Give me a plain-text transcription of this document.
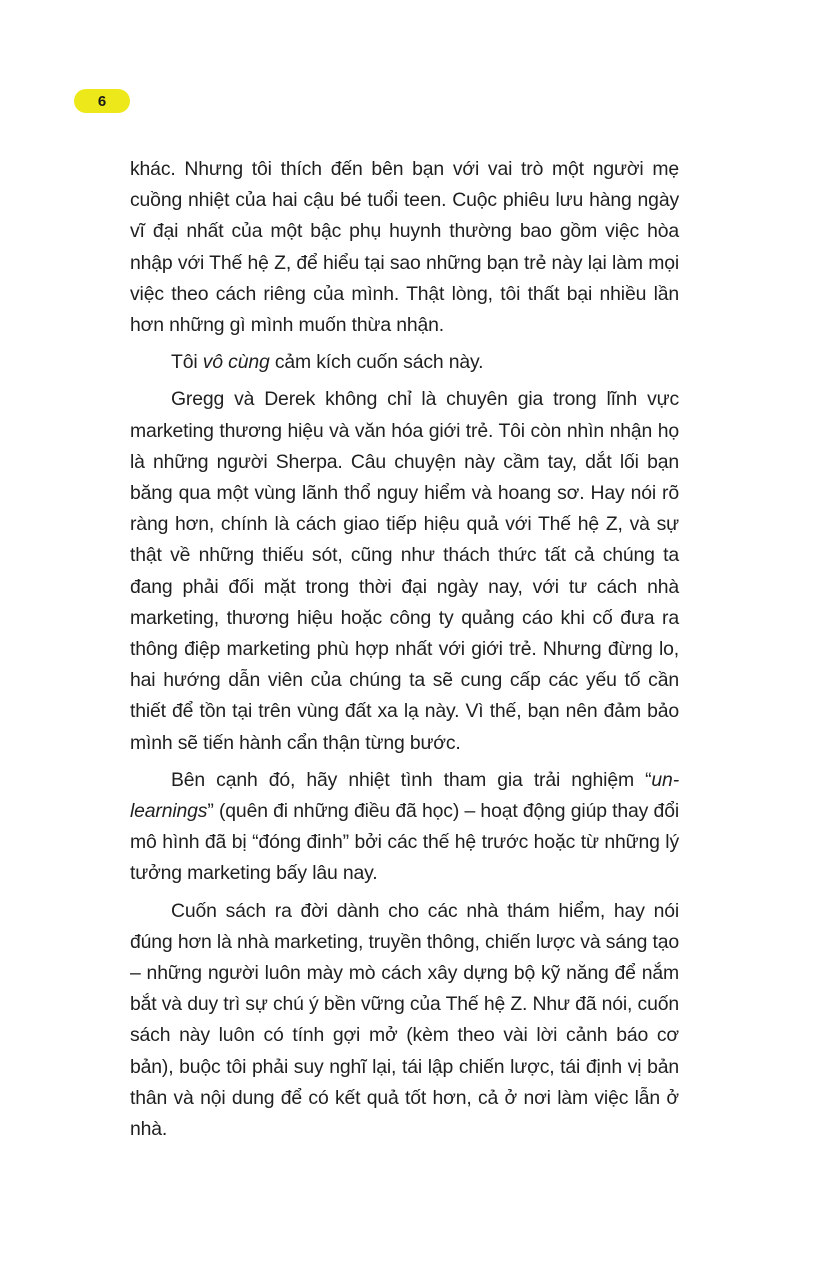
6

khác. Nhưng tôi thích đến bên bạn với vai trò một người mẹ cuồng nhiệt của hai cậu bé tuổi teen. Cuộc phiêu lưu hàng ngày vĩ đại nhất của một bậc phụ huynh thường bao gồm việc hòa nhập với Thế hệ Z, để hiểu tại sao những bạn trẻ này lại làm mọi việc theo cách riêng của mình. Thật lòng, tôi thất bại nhiều lần hơn những gì mình muốn thừa nhận.

Tôi vô cùng cảm kích cuốn sách này.

Gregg và Derek không chỉ là chuyên gia trong lĩnh vực marketing thương hiệu và văn hóa giới trẻ. Tôi còn nhìn nhận họ là những người Sherpa. Câu chuyện này cầm tay, dắt lối bạn băng qua một vùng lãnh thổ nguy hiểm và hoang sơ. Hay nói rõ ràng hơn, chính là cách giao tiếp hiệu quả với Thế hệ Z, và sự thật về những thiếu sót, cũng như thách thức tất cả chúng ta đang phải đối mặt trong thời đại ngày nay, với tư cách nhà marketing, thương hiệu hoặc công ty quảng cáo khi cố đưa ra thông điệp marketing phù hợp nhất với giới trẻ. Nhưng đừng lo, hai hướng dẫn viên của chúng ta sẽ cung cấp các yếu tố cần thiết để tồn tại trên vùng đất xa lạ này. Vì thế, bạn nên đảm bảo mình sẽ tiến hành cẩn thận từng bước.

Bên cạnh đó, hãy nhiệt tình tham gia trải nghiệm “un-learnings” (quên đi những điều đã học) – hoạt động giúp thay đổi mô hình đã bị “đóng đinh” bởi các thế hệ trước hoặc từ những lý tưởng marketing bấy lâu nay.

Cuốn sách ra đời dành cho các nhà thám hiểm, hay nói đúng hơn là nhà marketing, truyền thông, chiến lược và sáng tạo – những người luôn mày mò cách xây dựng bộ kỹ năng để nắm bắt và duy trì sự chú ý bền vững của Thế hệ Z. Như đã nói, cuốn sách này luôn có tính gợi mở (kèm theo vài lời cảnh báo cơ bản), buộc tôi phải suy nghĩ lại, tái lập chiến lược, tái định vị bản thân và nội dung để có kết quả tốt hơn, cả ở nơi làm việc lẫn ở nhà.
